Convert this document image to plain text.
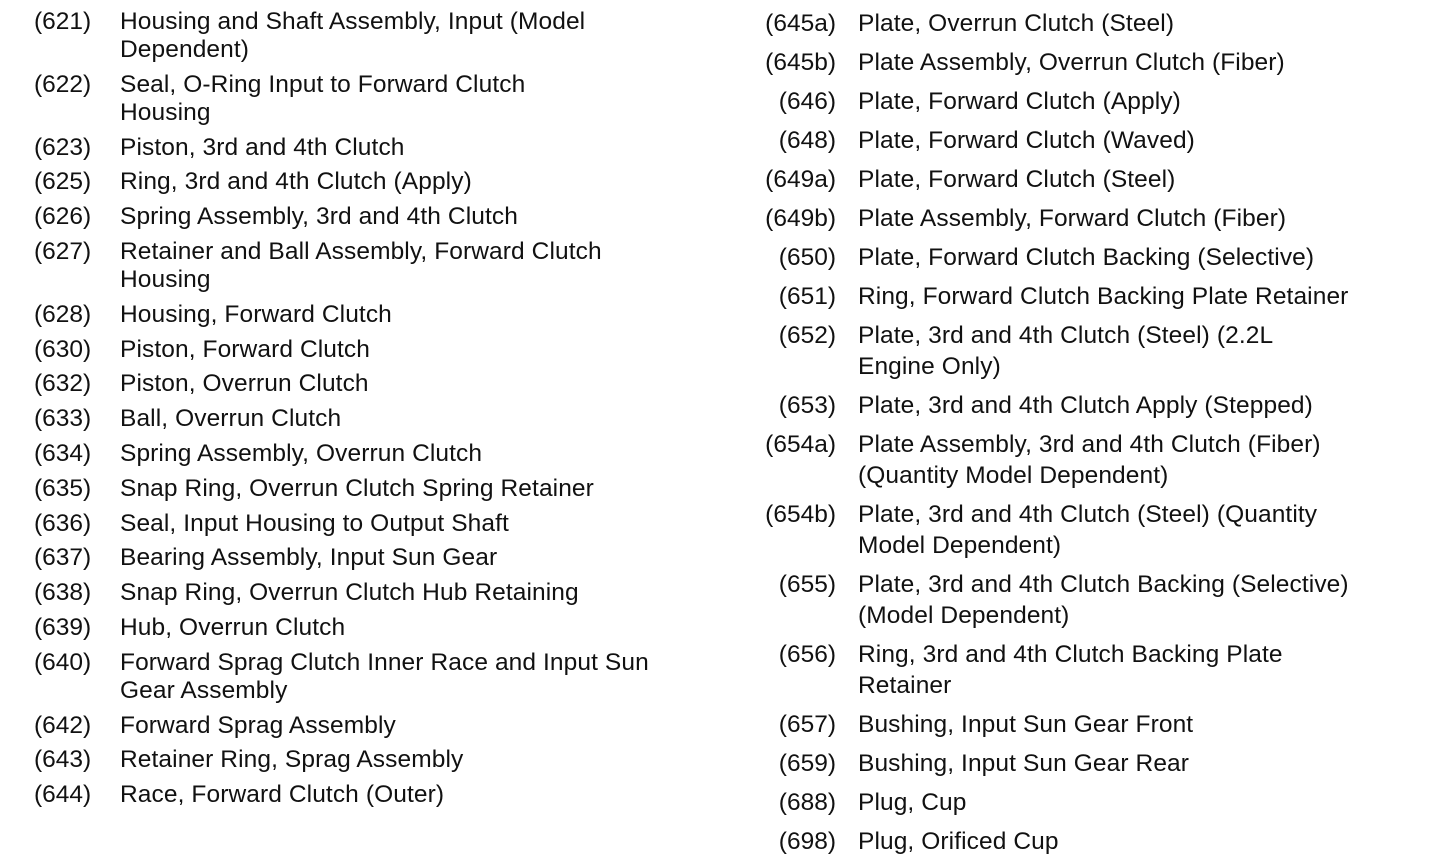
(621)	Housing and Shaft Assembly, Input (Model Dependent)
(622)	Seal, O-Ring Input to Forward Clutch Housing
(623)	Piston, 3rd and 4th Clutch
(625)	Ring, 3rd and 4th Clutch (Apply)
(626)	Spring Assembly, 3rd and 4th Clutch
(627)	Retainer and Ball Assembly, Forward Clutch Housing
(628)	Housing, Forward Clutch
(630)	Piston, Forward Clutch
(632)	Piston, Overrun Clutch
(633)	Ball, Overrun Clutch
(634)	Spring Assembly, Overrun Clutch
(635)	Snap Ring, Overrun Clutch Spring Retainer
(636)	Seal, Input Housing to Output Shaft
(637)	Bearing Assembly, Input Sun Gear
(638)	Snap Ring, Overrun Clutch Hub Retaining
(639)	Hub, Overrun Clutch
(640)	Forward Sprag Clutch Inner Race and Input Sun Gear Assembly
(642)	Forward Sprag Assembly
(643)	Retainer Ring, Sprag Assembly
(644)	Race, Forward Clutch (Outer)
(645a) Plate, Overrun Clutch (Steel)
(645b) Plate Assembly, Overrun Clutch (Fiber)
(646) Plate, Forward Clutch (Apply)
(648) Plate, Forward Clutch (Waved)
(649a) Plate, Forward Clutch (Steel)
(649b) Plate Assembly, Forward Clutch (Fiber)
(650) Plate, Forward Clutch Backing (Selective)
(651) Ring, Forward Clutch Backing Plate Retainer
(652) Plate, 3rd and 4th Clutch (Steel) (2.2L Engine Only)
(653) Plate, 3rd and 4th Clutch Apply (Stepped)
(654a) Plate Assembly, 3rd and 4th Clutch (Fiber) (Quantity Model Dependent)
(654b) Plate, 3rd and 4th Clutch (Steel) (Quantity Model Dependent)
(655) Plate, 3rd and 4th Clutch Backing (Selective) (Model Dependent)
(656) Ring, 3rd and 4th Clutch Backing Plate Retainer
(657) Bushing, Input Sun Gear Front
(659) Bushing, Input Sun Gear Rear
(688) Plug, Cup
(698) Plug, Orificed Cup
